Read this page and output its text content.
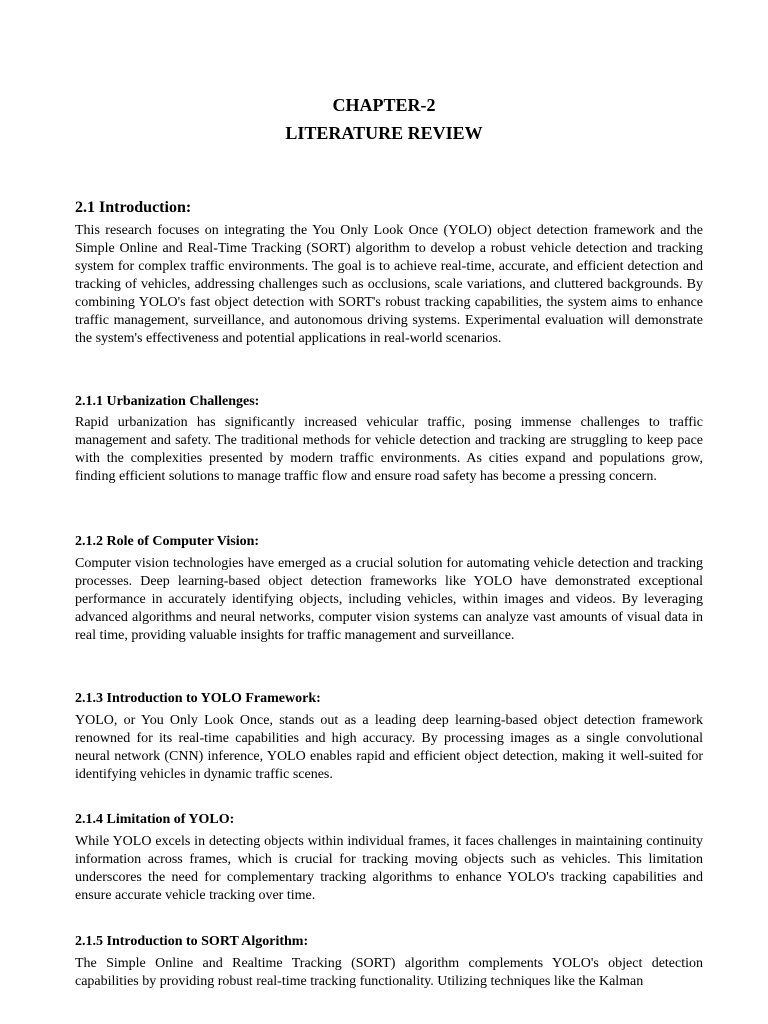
CHAPTER-2
LITERATURE REVIEW
2.1 Introduction:

This research focuses on integrating the You Only Look Once (YOLO) object detection framework and the Simple Online and Real-Time Tracking (SORT) algorithm to develop a robust vehicle detection and tracking system for complex traffic environments. The goal is to achieve real-time, accurate, and efficient detection and tracking of vehicles, addressing challenges such as occlusions, scale variations, and cluttered backgrounds. By combining YOLO's fast object detection with SORT's robust tracking capabilities, the system aims to enhance traffic management, surveillance, and autonomous driving systems. Experimental evaluation will demonstrate the system's effectiveness and potential applications in real-world scenarios.

2.1.1 Urbanization Challenges:

Rapid urbanization has significantly increased vehicular traffic, posing immense challenges to traffic management and safety. The traditional methods for vehicle detection and tracking are struggling to keep pace with the complexities presented by modern traffic environments. As cities expand and populations grow, finding efficient solutions to manage traffic flow and ensure road safety has become a pressing concern.

2.1.2 Role of Computer Vision:

Computer vision technologies have emerged as a crucial solution for automating vehicle detection and tracking processes. Deep learning-based object detection frameworks like YOLO have demonstrated exceptional performance in accurately identifying objects, including vehicles, within images and videos. By leveraging advanced algorithms and neural networks, computer vision systems can analyze vast amounts of visual data in real time, providing valuable insights for traffic management and surveillance.

2.1.3 Introduction to YOLO Framework:

YOLO, or You Only Look Once, stands out as a leading deep learning-based object detection framework renowned for its real-time capabilities and high accuracy. By processing images as a single convolutional neural network (CNN) inference, YOLO enables rapid and efficient object detection, making it well-suited for identifying vehicles in dynamic traffic scenes.

2.1.4 Limitation of YOLO:

While YOLO excels in detecting objects within individual frames, it faces challenges in maintaining continuity information across frames, which is crucial for tracking moving objects such as vehicles. This limitation underscores the need for complementary tracking algorithms to enhance YOLO's tracking capabilities and ensure accurate vehicle tracking over time.

2.1.5 Introduction to SORT Algorithm:

The Simple Online and Realtime Tracking (SORT) algorithm complements YOLO's object detection capabilities by providing robust real-time tracking functionality. Utilizing techniques like the Kalman
